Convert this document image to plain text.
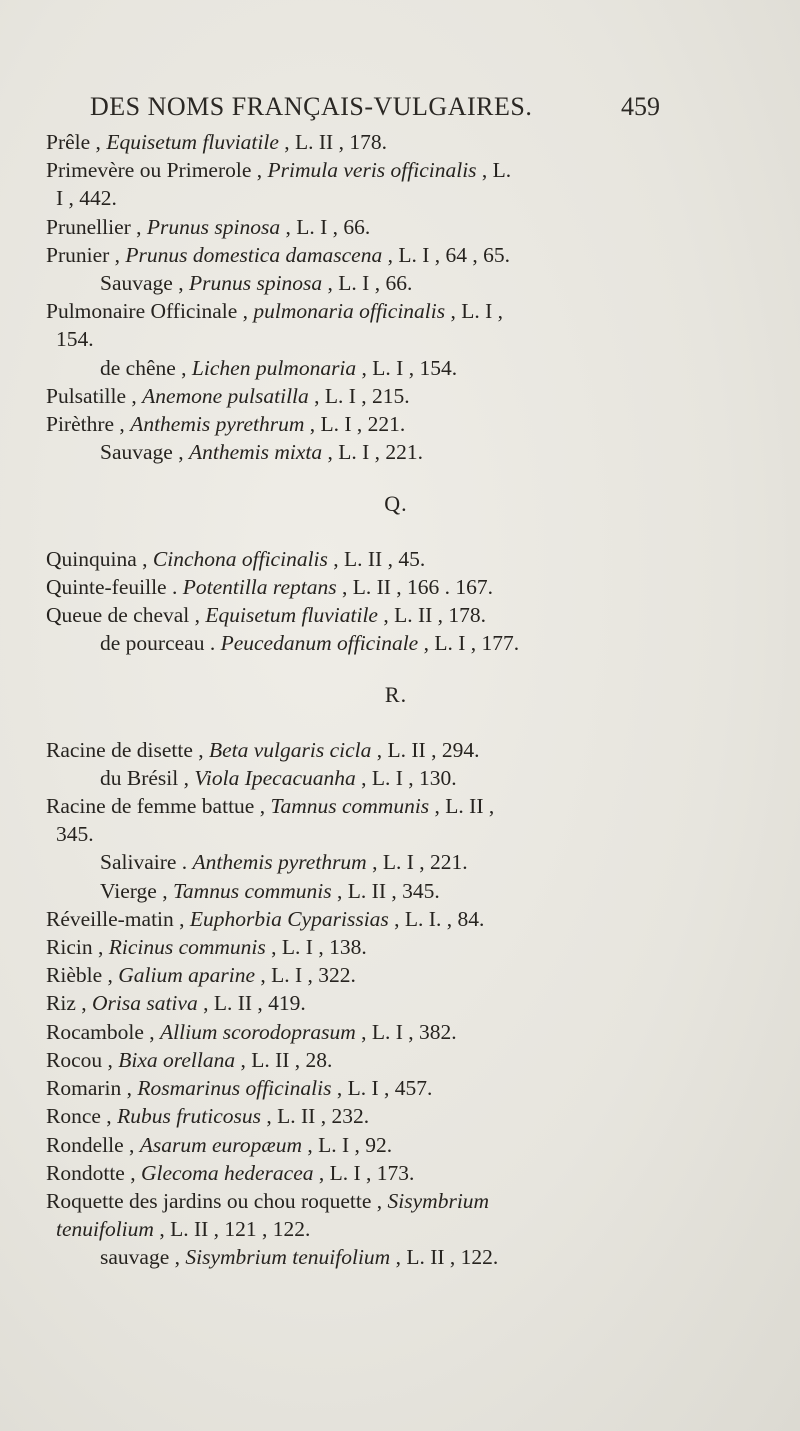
DES NOMS FRANÇAIS-VULGAIRES.	459
Prêle , Equisetum fluviatile , L. II , 178.
Primevère ou Primerole , Primula veris officinalis , L.
I , 442.
Prunellier , Prunus spinosa , L. I , 66.
Prunier , Prunus domestica damascena , L. I , 64 , 65.
Sauvage , Prunus spinosa , L. I , 66.
Pulmonaire Officinale , pulmonaria officinalis , L. I ,
154.
de chêne , Lichen pulmonaria , L. I , 154.
Pulsatille , Anemone pulsatilla , L. I , 215.
Pirèthre , Anthemis pyrethrum , L. I , 221.
Sauvage , Anthemis mixta , L. I , 221.
Q.
Quinquina , Cinchona officinalis , L. II , 45.
Quinte-feuille . Potentilla reptans , L. II , 166 . 167.
Queue de cheval , Equisetum fluviatile , L. II , 178.
de pourceau . Peucedanum officinale , L. I , 177.
R.
Racine de disette , Beta vulgaris cicla , L. II , 294.
du Brésil , Viola Ipecacuanha , L. I , 130.
Racine de femme battue , Tamnus communis , L. II ,
345.
Salivaire . Anthemis pyrethrum , L. I , 221.
Vierge , Tamnus communis , L. II , 345.
Réveille-matin , Euphorbia Cyparissias , L. I. , 84.
Ricin , Ricinus communis , L. I , 138.
Rièble , Galium aparine , L. I , 322.
Riz , Orisa sativa , L. II , 419.
Rocambole , Allium scorodoprasum , L. I , 382.
Rocou , Bixa orellana , L. II , 28.
Romarin , Rosmarinus officinalis , L. I , 457.
Ronce , Rubus fruticosus , L. II , 232.
Rondelle , Asarum europæum , L. I , 92.
Rondotte , Glecoma hederacea , L. I , 173.
Roquette des jardins ou chou roquette , Sisymbrium
tenuifolium , L. II , 121 , 122.
sauvage , Sisymbrium tenuifolium , L. II , 122.
